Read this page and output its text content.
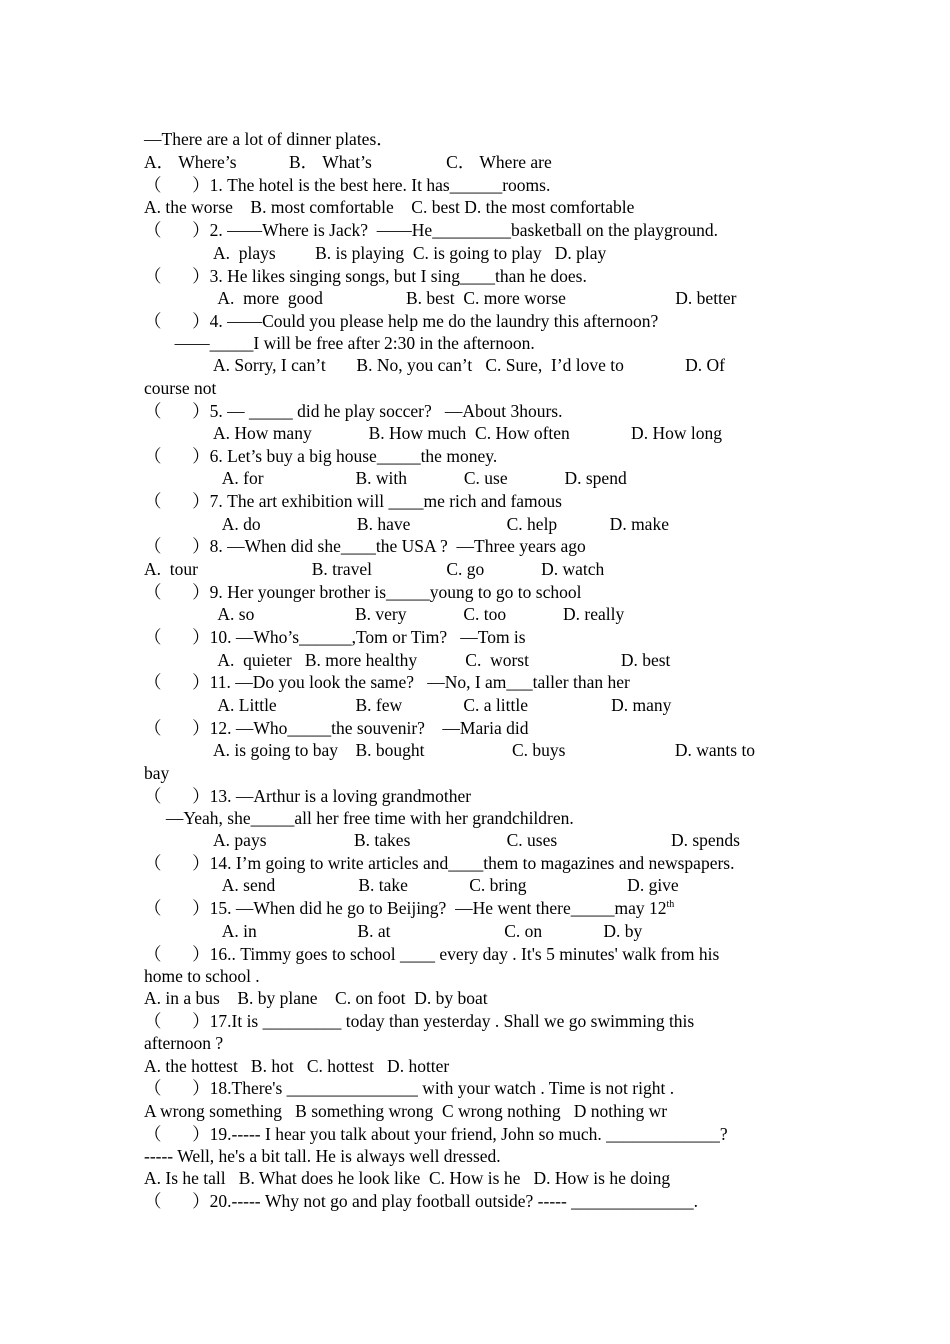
—There are a lot of dinner plates．
A． Where’s            B． What’s                 C． Where are
（       ）1. The hotel is the best here. It has______rooms.
A. the worse    B. most comfortable    C. best D. the most comfortable
（       ）2. ——Where is Jack?  ——He_________basketball on the playground.
A.  plays         B. is playing  C. is going to play   D. play
（       ）3. He likes singing songs, but I sing____than he does.
A.  more  good                   B. best  C. more worse                         D. better
（       ）4. ——Could you please help me do the laundry this afternoon?
——_____I will be free after 2:30 in the afternoon.
A. Sorry, I can’t       B. No, you can’t   C. Sure,  I’d love to              D. Of
course not
（       ）5. — _____ did he play soccer?   —About 3hours.
A. How many             B. How much  C. How often              D. How long
（       ）6. Let’s buy a big house_____the money.
A. for                     B. with             C. use             D. spend
（       ）7. The art exhibition will ____me rich and famous
A. do                      B. have                      C. help            D. make
（       ）8. —When did she____the USA ?  —Three years ago
A.  tour                          B. travel                 C. go             D. watch
（       ）9. Her younger brother is_____young to go to school
A. so                       B. very             C. too             D. really
（       ）10. —Who’s______,Tom or Tim?   —Tom is
A.  quieter   B. more healthy           C.  worst                     D. best
（       ）11. —Do you look the same?   —No, I am___taller than her
A. Little                  B. few              C. a little                   D. many
（       ）12. —Who_____the souvenir?    —Maria did
A. is going to bay    B. bought                    C. buys                         D. wants to
bay
（       ）13. —Arthur is a loving grandmother
—Yeah, she_____all her free time with her grandchildren.
A. pays                    B. takes                      C. uses                          D. spends
（       ）14. I’m going to write articles and____them to magazines and newspapers.
A. send                   B. take              C. bring                       D. give
（       ）15. —When did he go to Beijing?  —He went there_____may 12th
A. in                       B. at                          C. on              D. by
（       ）16.. Timmy goes to school ____ every day . It's 5 minutes' walk from his
home to school .
A. in a bus    B. by plane    C. on foot  D. by boat
（       ）17.It is _________ today than yesterday . Shall we go swimming this
afternoon ?
A. the hottest   B. hot   C. hottest   D. hotter
（       ）18.There's _______________ with your watch . Time is not right .
A wrong something   B something wrong  C wrong nothing   D nothing wr
（       ）19.----- I hear you talk about your friend, John so much. _____________?
----- Well, he's a bit tall. He is always well dressed.
A. Is he tall   B. What does he look like  C. How is he   D. How is he doing
（       ）20.----- Why not go and play football outside? ----- ______________.
